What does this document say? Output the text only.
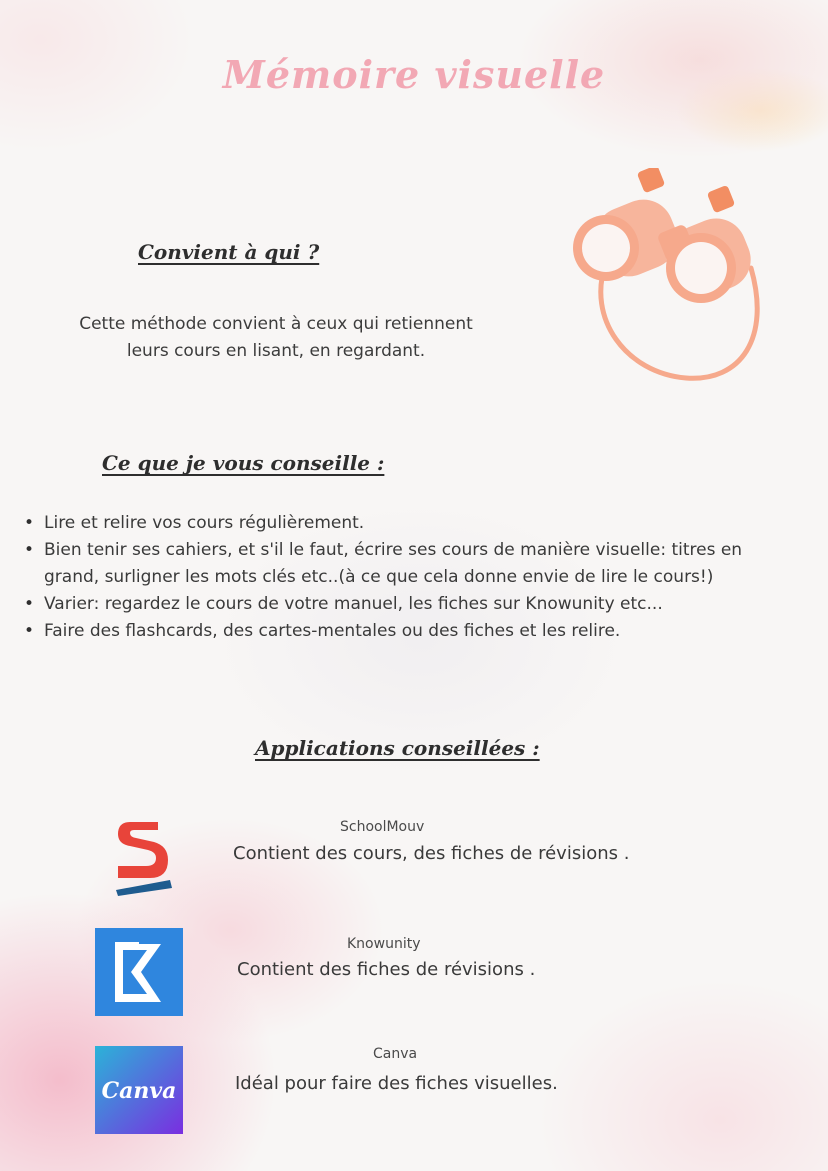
Mémoire visuelle
Convient à qui ?
Cette méthode convient à ceux qui retiennent
leurs cours en lisant, en regardant.
Ce que je vous conseille :
• Lire et relire vos cours régulièrement.
• Bien tenir ses cahiers, et s'il le faut, écrire ses cours de manière visuelle: titres en grand, surligner les mots clés etc..(à ce que cela donne envie de lire le cours!)
• Varier: regardez le cours de votre manuel, les fiches sur Knowunity etc...
• Faire des flashcards, des cartes-mentales ou des fiches et les relire.
Applications conseillées :
SchoolMouv
Contient des cours, des fiches de révisions .
Knowunity
Contient des fiches de révisions .
Canva
Canva
Idéal pour faire des fiches visuelles.
